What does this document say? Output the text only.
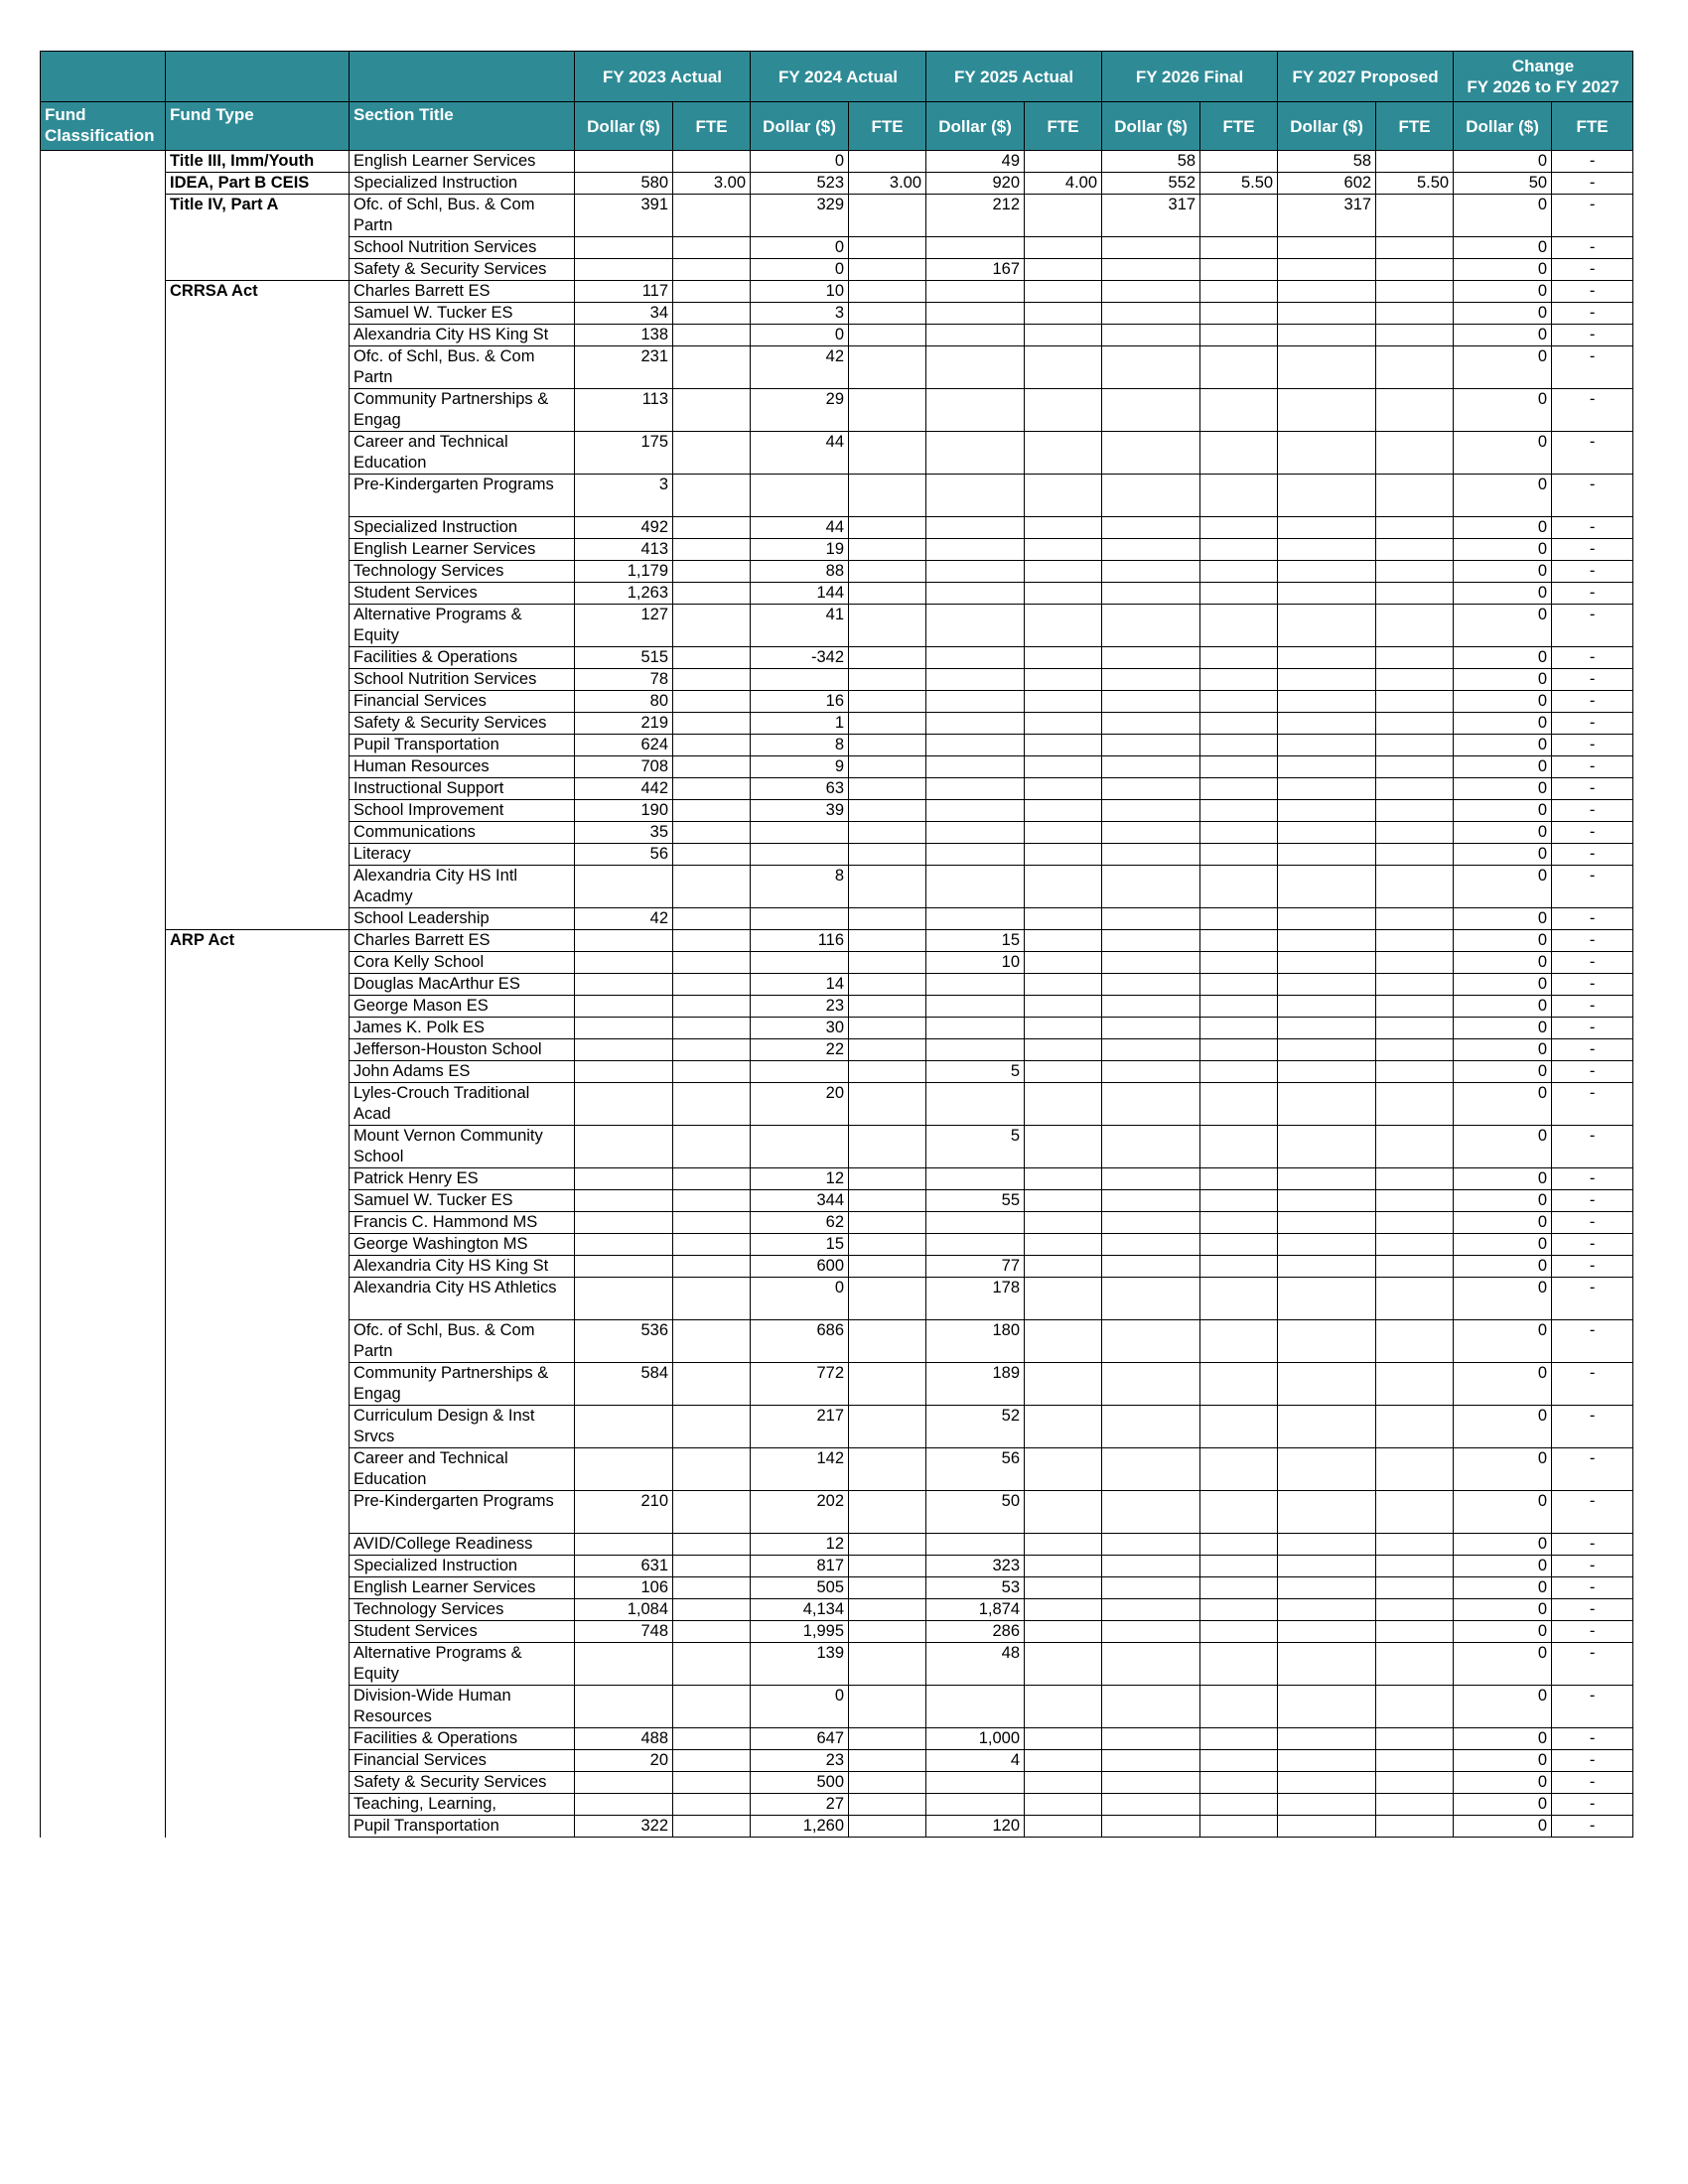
			FY 2023 Actual		FY 2024 Actual		FY 2025 Actual		FY 2026 Final		FY 2027 Proposed		Change
FY 2026 to FY 2027	

Fund Classification	Fund Type	Section Title	Dollar ($)	FTE	Dollar ($)	FTE	Dollar ($)	FTE	Dollar ($)	FTE	Dollar ($)	FTE	Dollar ($)	FTE
	Title III, Imm/Youth	English Learner Services			0		49		58		58		0	-
	IDEA, Part B CEIS	Specialized Instruction	580	3.00	523	3.00	920	4.00	552	5.50	602	5.50	50	-
	Title IV, Part A	Ofc. of Schl, Bus. & Com Partn	391		329		212		317		317		0	-
		School Nutrition Services			0								0	-
		Safety & Security Services			0		167						0	-
	CRRSA Act	Charles Barrett ES	117		10								0	-
		Samuel W. Tucker ES	34		3								0	-
		Alexandria City HS King St	138		0								0	-
		Ofc. of Schl, Bus. & Com Partn	231		42								0	-
		Community Partnerships & Engag	113		29								0	-
		Career and Technical Education	175		44								0	-
		Pre-Kindergarten Programs	3										0	-
		Specialized Instruction	492		44								0	-
		English Learner Services	413		19								0	-
		Technology Services	1,179		88								0	-
		Student Services	1,263		144								0	-
		Alternative Programs & Equity	127		41								0	-
		Facilities & Operations	515		-342								0	-
		School Nutrition Services	78										0	-
		Financial Services	80		16								0	-
		Safety & Security Services	219		1								0	-
		Pupil Transportation	624		8								0	-
		Human Resources	708		9								0	-
		Instructional Support	442		63								0	-
		School Improvement	190		39								0	-
		Communications	35										0	-
		Literacy	56										0	-
		Alexandria City HS Intl Acadmy			8								0	-
		School Leadership	42										0	-
	ARP Act	Charles Barrett ES			116		15						0	-
		Cora Kelly School					10						0	-
		Douglas MacArthur ES			14								0	-
		George Mason ES			23								0	-
		James K. Polk ES			30								0	-
		Jefferson-Houston School			22								0	-
		John Adams ES					5						0	-
		Lyles-Crouch Traditional Acad			20								0	-
		Mount Vernon Community School					5						0	-
		Patrick Henry ES			12								0	-
		Samuel W. Tucker ES			344		55						0	-
		Francis C. Hammond MS			62								0	-
		George Washington MS			15								0	-
		Alexandria City HS King St			600		77						0	-
		Alexandria City HS Athletics			0		178						0	-
		Ofc. of Schl, Bus. & Com Partn	536		686		180						0	-
		Community Partnerships & Engag	584		772		189						0	-
		Curriculum Design & Inst Srvcs			217		52						0	-
		Career and Technical Education			142		56						0	-
		Pre-Kindergarten Programs	210		202		50						0	-
		AVID/College Readiness			12								0	-
		Specialized Instruction	631		817		323						0	-
		English Learner Services	106		505		53						0	-
		Technology Services	1,084		4,134		1,874						0	-
		Student Services	748		1,995		286						0	-
		Alternative Programs & Equity			139		48						0	-
		Division-Wide Human Resources			0								0	-
		Facilities & Operations	488		647		1,000						0	-
		Financial Services	20		23		4						0	-
		Safety & Security Services			500								0	-
		Teaching, Learning,			27								0	-
		Pupil Transportation	322		1,260		120						0	-
